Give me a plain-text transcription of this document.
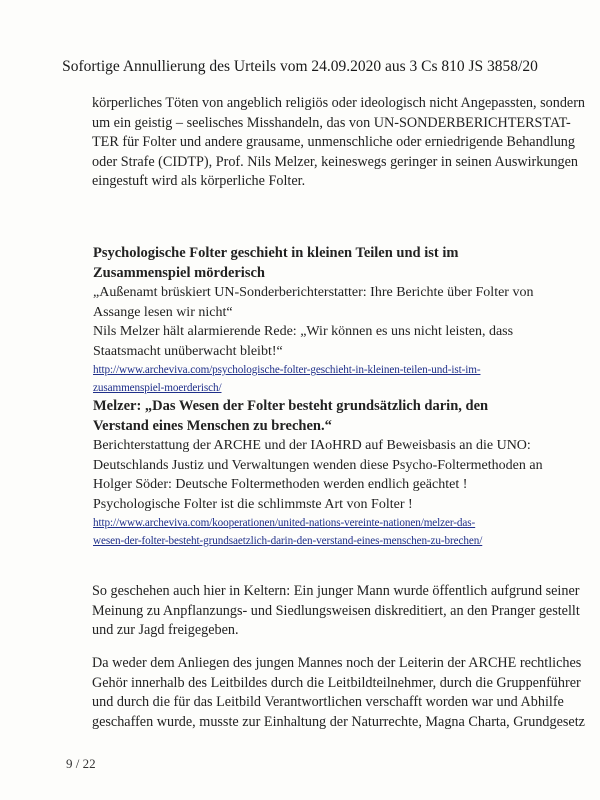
Sofortige Annullierung des Urteils vom 24.09.2020 aus 3 Cs 810 JS 3858/20
körperliches Töten von angeblich religiös oder ideologisch nicht Angepassten, sondern
um ein geistig – seelisches Misshandeln, das von UN-SONDERBERICHTERSTAT-
TER für Folter und andere grausame, unmenschliche oder erniedrigende Behandlung
oder Strafe (CIDTP), Prof. Nils Melzer, keineswegs geringer in seinen Auswirkungen
eingestuft wird als körperliche Folter.
Psychologische Folter geschieht in kleinen Teilen und ist im
Zusammenspiel mörderisch
„Außenamt brüskiert UN-Sonderberichterstatter: Ihre Berichte über Folter von
Assange lesen wir nicht“
Nils Melzer hält alarmierende Rede: „Wir können es uns nicht leisten, dass
Staatsmacht unüberwacht bleibt!“
http://www.archeviva.com/psychologische-folter-geschieht-in-kleinen-teilen-und-ist-im-
zusammenspiel-moerderisch/
Melzer: „Das Wesen der Folter besteht grundsätzlich darin, den
Verstand eines Menschen zu brechen.“
Berichterstattung der ARCHE und der IAoHRD auf Beweisbasis an die UNO:
Deutschlands Justiz und Verwaltungen wenden diese Psycho-Foltermethoden an
Holger Söder: Deutsche Foltermethoden werden endlich geächtet !
Psychologische Folter ist die schlimmste Art von Folter !
http://www.archeviva.com/kooperationen/united-nations-vereinte-nationen/melzer-das-
wesen-der-folter-besteht-grundsaetzlich-darin-den-verstand-eines-menschen-zu-brechen/
So geschehen auch hier in Keltern: Ein junger Mann wurde öffentlich aufgrund seiner
Meinung zu Anpflanzungs- und Siedlungsweisen diskreditiert, an den Pranger gestellt
und zur Jagd freigegeben.
Da weder dem Anliegen des jungen Mannes noch der Leiterin der ARCHE rechtliches
Gehör innerhalb des Leitbildes durch die Leitbildteilnehmer, durch die Gruppenführer
und durch die für das Leitbild Verantwortlichen verschafft worden war und Abhilfe
geschaffen wurde, musste zur Einhaltung der Naturrechte, Magna Charta, Grundgesetz
9 / 22
